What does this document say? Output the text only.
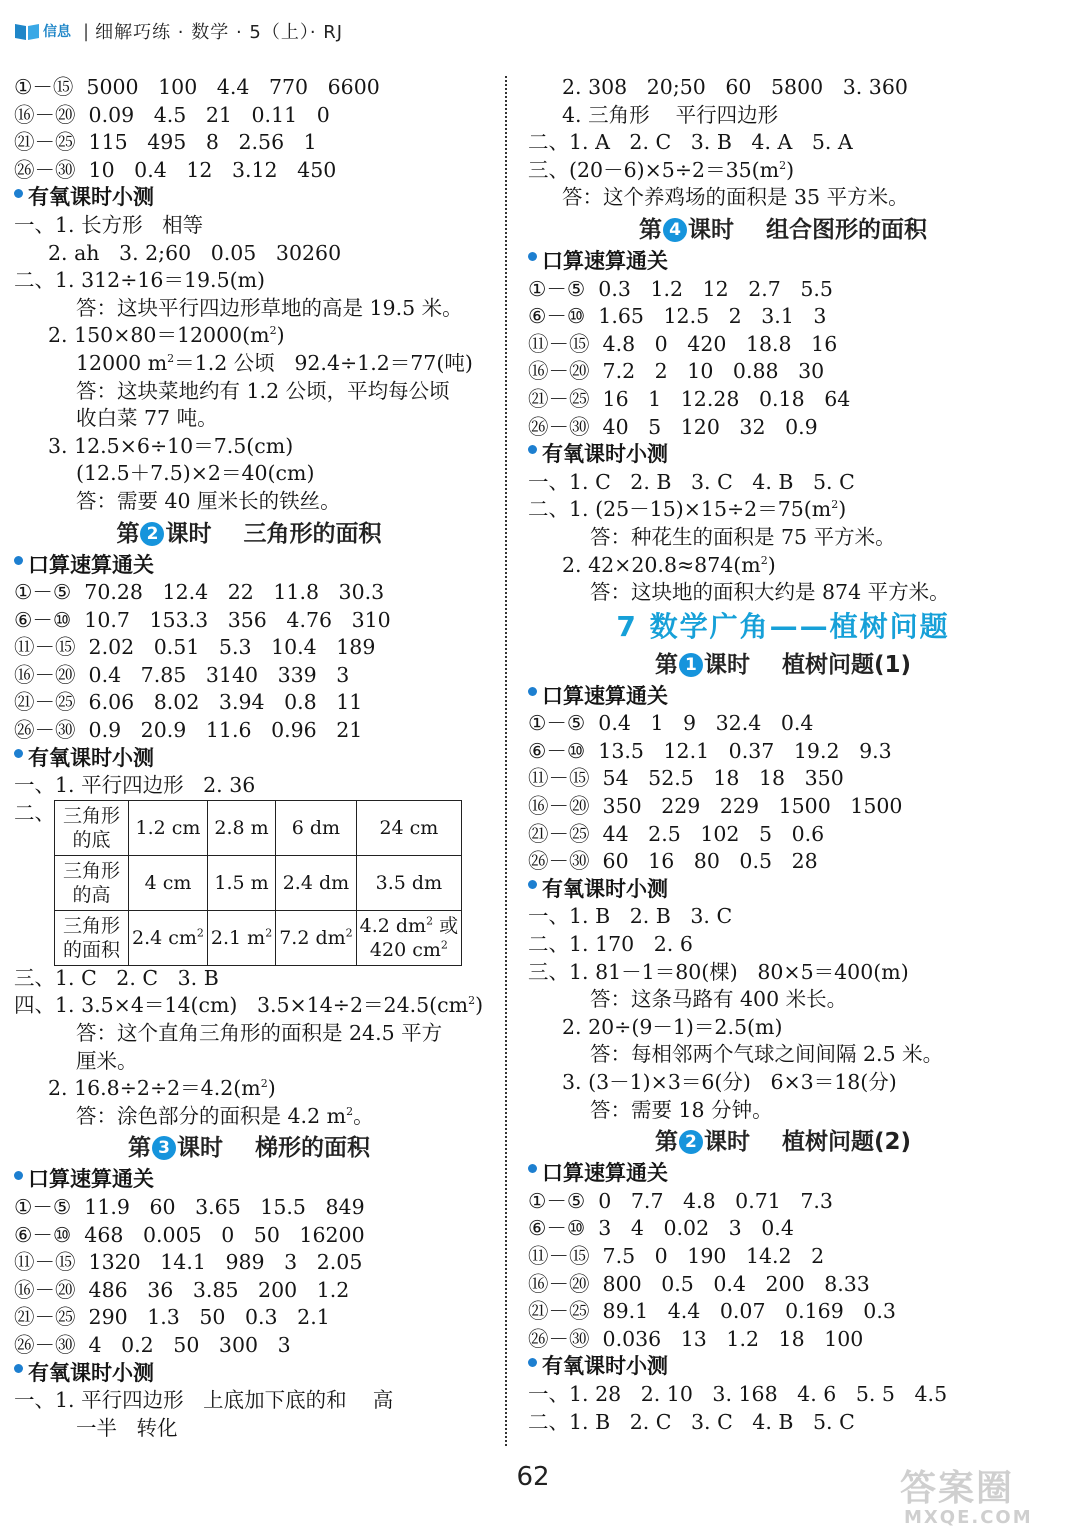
信息 | 细解巧练 · 数学 · 5（上）· RJ
①－⑮  5000   100   4.4   770   6600
⑯－⑳  0.09   4.5   21   0.11   0
㉑－㉕  115   495   8   2.56   1
㉖－㉚  10   0.4   12   3.12   450
有氧课时小测
一、1. 长方形   相等
2. ah   3. 2;60   0.05   30260
二、1. 312÷16＝19.5(m)
答：这块平行四边形草地的高是 19.5 米。
2. $150\times 80=12000(m^2)$
12000 $m^2=1.2$ 公顷   92.4÷1.2＝77(吨)
答：这块菜地约有 1.2 公顷，平均每公顷
收白菜 77 吨。
3. 12.5×6÷10＝7.5(cm)
(12.5＋7.5)×2＝40(cm)
答：需要 40 厘米长的铁丝。
第 2 课时    三角形的面积
口算速算通关
①－⑤  70.28   12.4   22   11.8   30.3
⑥－⑩  10.7   153.3   356   4.76   310
⑪－⑮  2.02   0.51   5.3   10.4   189
⑯－⑳  0.4   7.85   3140   339   3
㉑－㉕  6.06   8.02   3.94   0.8   11
㉖－㉚  0.9   20.9   11.6   0.96   21
有氧课时小测
一、1. 平行四边形   2. 36
二、 三角形的底	1.2 cm	2.8 m	6 dm	24 cm
三角形的高	4 cm	1.5 m	2.4 dm	3.5 dm
三角形的面积	2.4 $cm^2$	2.1 $m^2$	7.2 $dm^2$	4.2 $dm^2$ 或
420 $cm^2$
三、1. C   2. C   3. B
四、1. 3.5×4＝14(cm)   $3.5\times 14\div 2=24.5(cm^2)$
答：这个直角三角形的面积是 24.5 平方
厘米。
2. $16.8\div 2\div 2=4.2(m^2)$
答：涂色部分的面积是 4.2 $m^2$。
第 3 课时    梯形的面积
口算速算通关
①－⑤  11.9   60   3.65   15.5   849
⑥－⑩  468   0.005   0   50   16200
⑪－⑮  1320   14.1   989   3   2.05
⑯－⑳  486   36   3.85   200   1.2
㉑－㉕  290   1.3   50   0.3   2.1
㉖－㉚  4   0.2   50   300   3
有氧课时小测
一、1. 平行四边形   上底加下底的和    高
一半   转化
2. 308   20;50   60   5800   3. 360
4. 三角形    平行四边形
二、1. A   2. C   3. B   4. A   5. A
三、$(20-6)\times 5\div 2=35(m^2)$
答：这个养鸡场的面积是 35 平方米。
第 4 课时    组合图形的面积
口算速算通关
①－⑤  0.3   1.2   12   2.7   5.5
⑥－⑩  1.65   12.5   2   3.1   3
⑪－⑮  4.8   0   420   18.8   16
⑯－⑳  7.2   2   10   0.88   30
㉑－㉕  16   1   12.28   0.18   64
㉖－㉚  40   5   120   32   0.9
有氧课时小测
一、1. C   2. B   3. C   4. B   5. C
二、1. $(25-15)\times 15\div 2=75(m^2)$
答：种花生的面积是 75 平方米。
2. $42\times 20.8\approx 874(m^2)$
答：这块地的面积大约是 874 平方米。
7 数学广角——植树问题
第 1 课时    植树问题(1)
口算速算通关
①－⑤  0.4   1   9   32.4   0.4
⑥－⑩  13.5   12.1   0.37   19.2   9.3
⑪－⑮  54   52.5   18   18   350
⑯－⑳  350   229   229   1500   1500
㉑－㉕  44   2.5   102   5   0.6
㉖－㉚  60   16   80   0.5   28
有氧课时小测
一、1. B   2. B   3. C
二、1. 170   2. 6
三、1. 81－1＝80(棵)   80×5＝400(m)
答：这条马路有 400 米长。
2. 20÷(9－1)＝2.5(m)
答：每相邻两个气球之间间隔 2.5 米。
3. (3－1)×3＝6(分)   6×3＝18(分)
答：需要 18 分钟。
第 2 课时    植树问题(2)
口算速算通关
①－⑤  0   7.7   4.8   0.71   7.3
⑥－⑩  3   4   0.02   3   0.4
⑪－⑮  7.5   0   190   14.2   2
⑯－⑳  800   0.5   0.4   200   8.33
㉑－㉕  89.1   4.4   0.07   0.169   0.3
㉖－㉚  0.036   13   1.2   18   100
有氧课时小测
一、1. 28   2. 10   3. 168   4. 6   5. 5   4.5
二、1. B   2. C   3. C   4. B   5. C
62	答案圈
MXQE.COM
